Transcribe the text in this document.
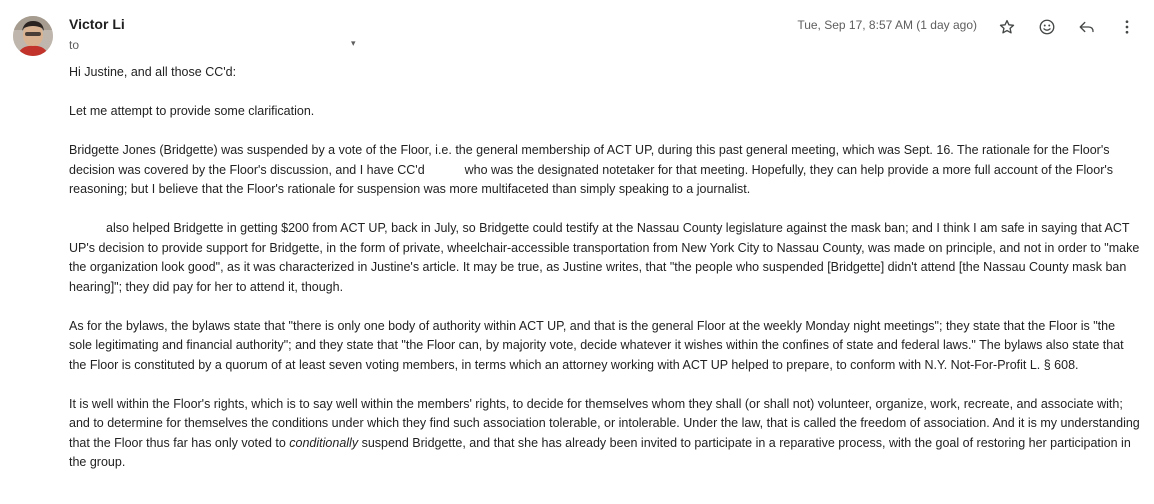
Victor Li
to	▾
Tue, Sep 17, 8:57 AM (1 day ago)

Hi Justine, and all those CC'd:

Let me attempt to provide some clarification.

Bridgette Jones (Bridgette) was suspended by a vote of the Floor, i.e. the general membership of ACT UP, during this past general meeting, which was Sept. 16. The rationale for the Floor's decision was covered by the Floor's discussion, and I have CC'd	who was the designated notetaker for that meeting. Hopefully, they can help provide a more full account of the Floor's reasoning; but I believe that the Floor's rationale for suspension was more multifaceted than simply speaking to a journalist.

also helped Bridgette in getting $200 from ACT UP, back in July, so Bridgette could testify at the Nassau County legislature against the mask ban; and I think I am safe in saying that ACT UP's decision to provide support for Bridgette, in the form of private, wheelchair-accessible transportation from New York City to Nassau County, was made on principle, and not in order to "make the organization look good", as it was characterized in Justine's article. It may be true, as Justine writes, that "the people who suspended [Bridgette] didn't attend [the Nassau County mask ban hearing]"; they did pay for her to attend it, though.

As for the bylaws, the bylaws state that "there is only one body of authority within ACT UP, and that is the general Floor at the weekly Monday night meetings"; they state that the Floor is "the sole legitimating and financial authority"; and they state that "the Floor can, by majority vote, decide whatever it wishes within the confines of state and federal laws." The bylaws also state that the Floor is constituted by a quorum of at least seven voting members, in terms which an attorney working with ACT UP helped to prepare, to conform with N.Y. Not-For-Profit L. § 608.

It is well within the Floor's rights, which is to say well within the members' rights, to decide for themselves whom they shall (or shall not) volunteer, organize, work, recreate, and associate with; and to determine for themselves the conditions under which they find such association tolerable, or intolerable. Under the law, that is called the freedom of association. And it is my understanding that the Floor thus far has only voted to conditionally suspend Bridgette, and that she has already been invited to participate in a reparative process, with the goal of restoring her participation in the group.
